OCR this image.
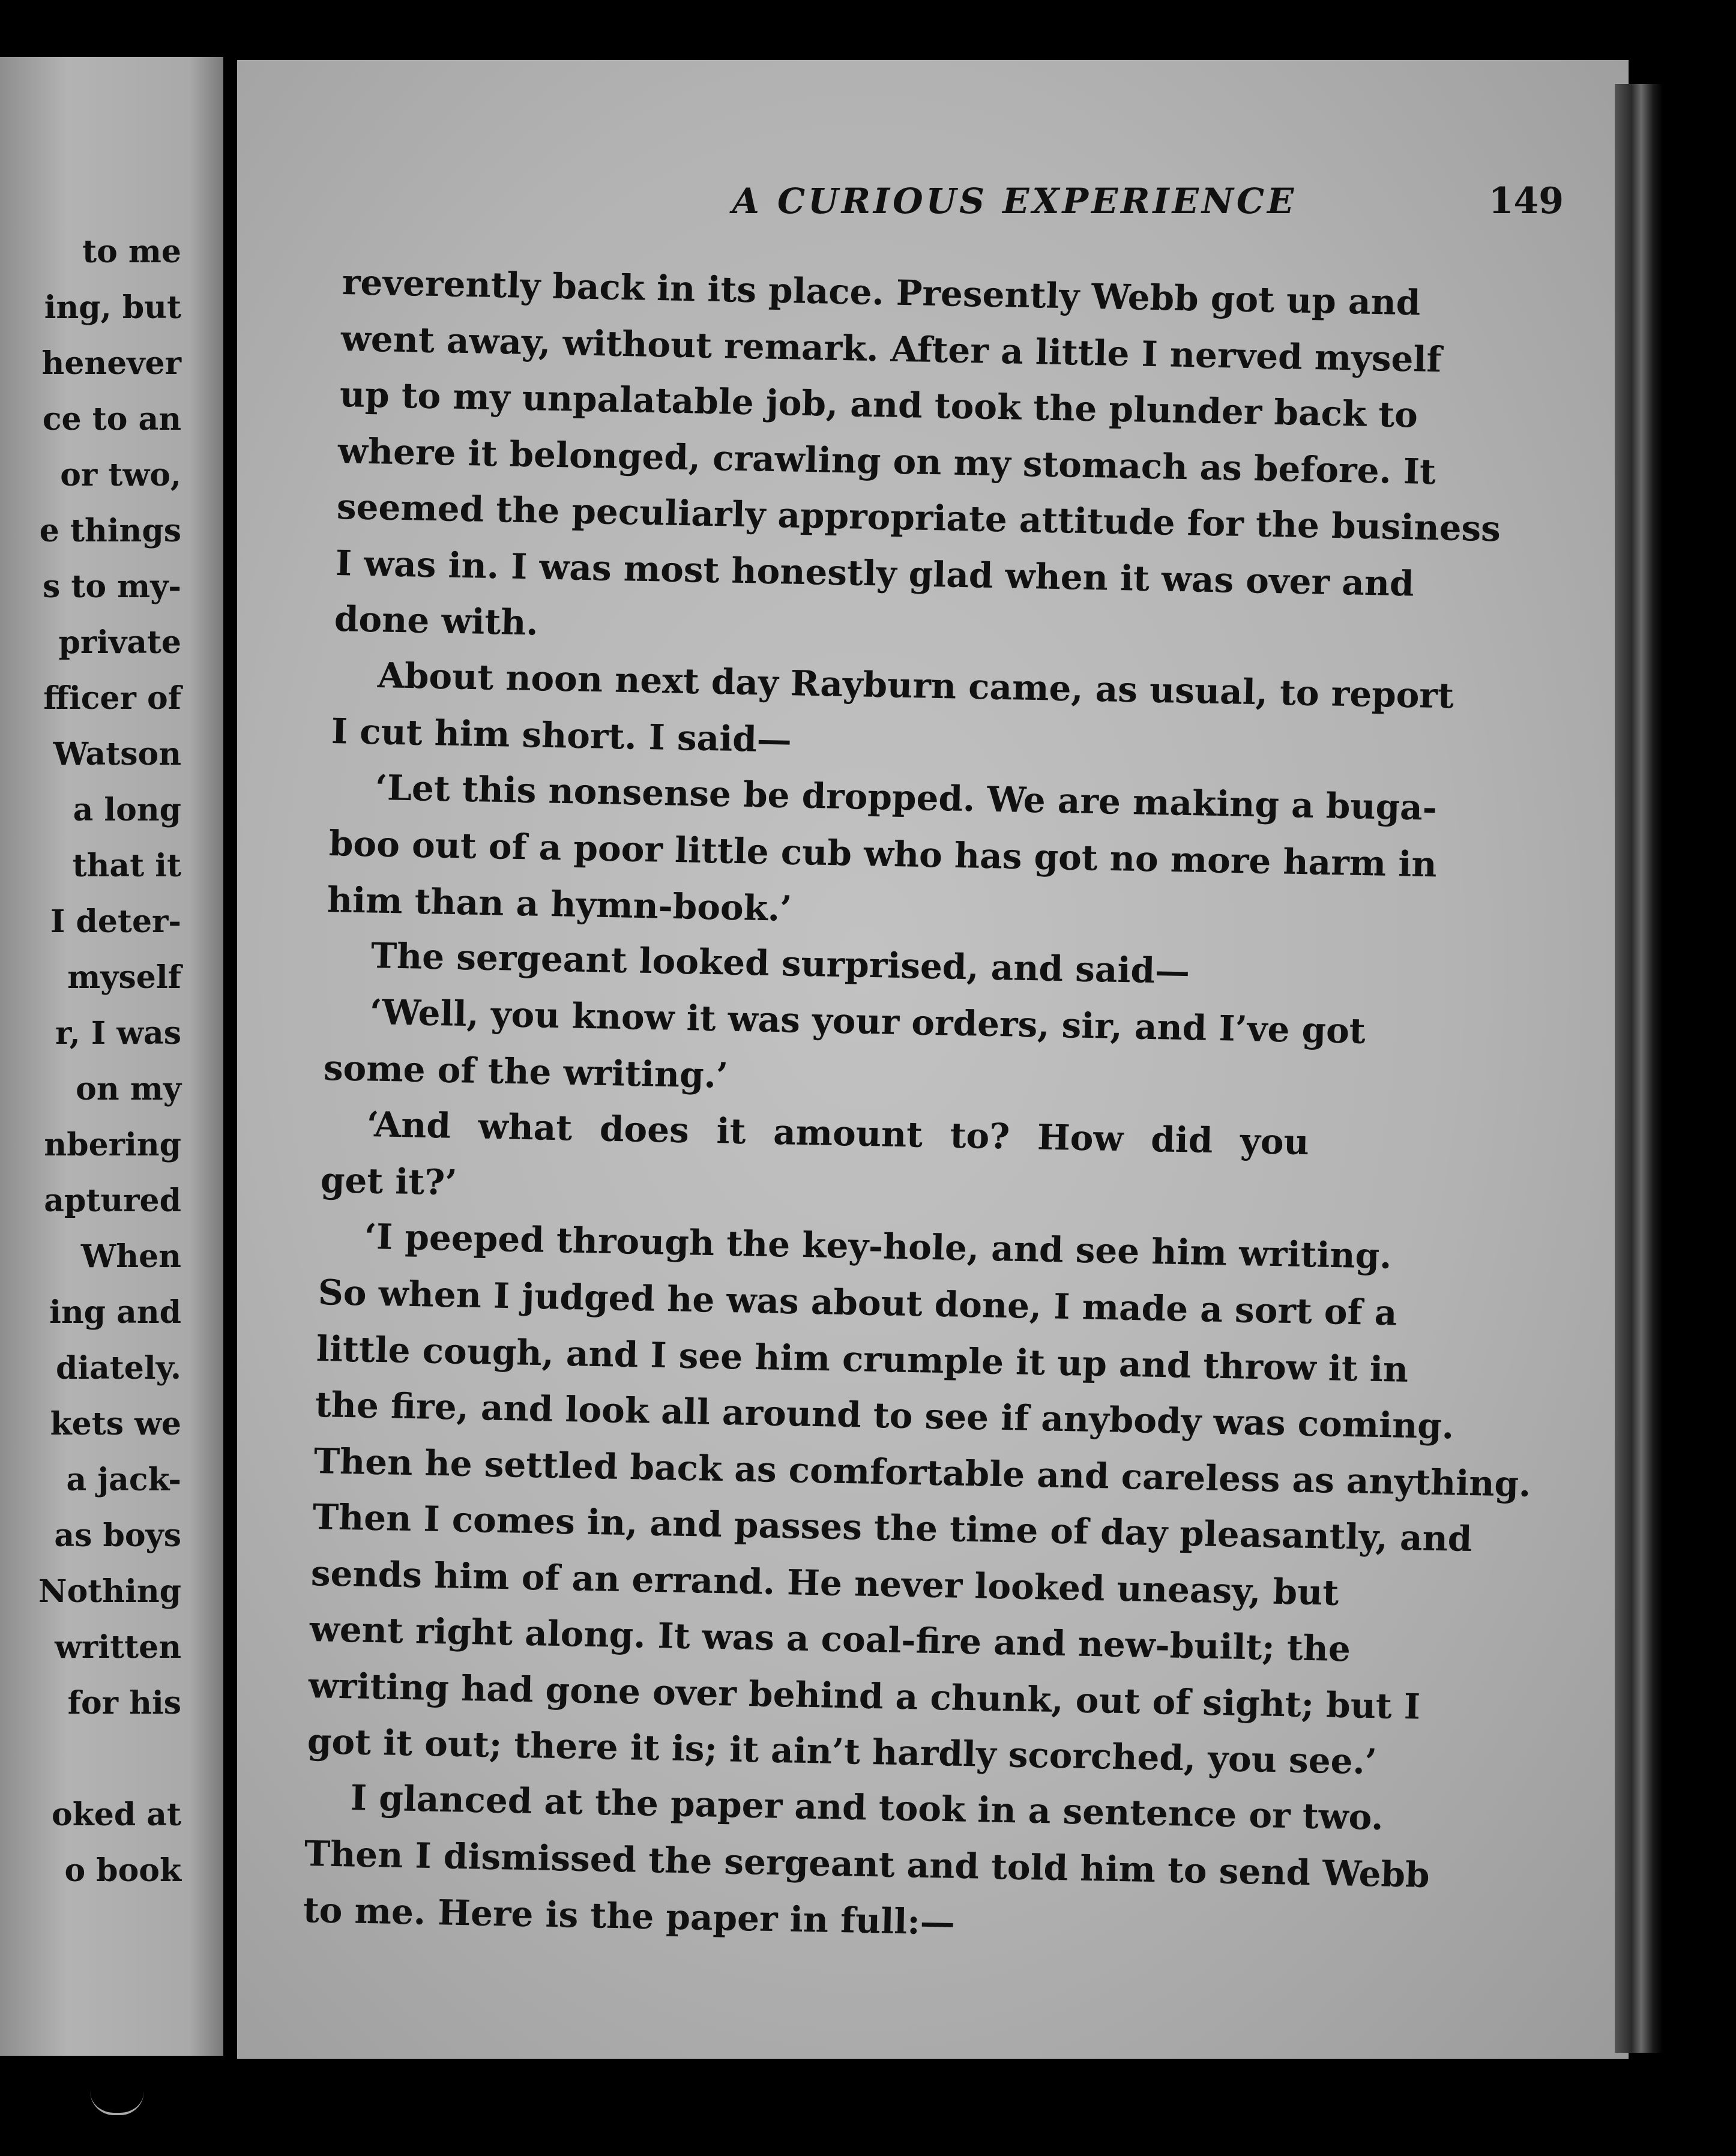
to me
ing, but
henever
ce to an
or two,
e things
s to my-
private
fficer of
Watson
a long
that it
I deter-
myself
r, I was
on my
nbering
aptured
When
ing and
diately.
kets we
a jack-
as boys
Nothing
written
for his
oked at
o book
A CURIOUS EXPERIENCE	149
reverently back in its place. Presently Webb got up and
went away, without remark. After a little I nerved myself
up to my unpalatable job, and took the plunder back to
where it belonged, crawling on my stomach as before. It
seemed the peculiarly appropriate attitude for the business
I was in. I was most honestly glad when it was over and
done with.
About noon next day Rayburn came, as usual, to report
I cut him short. I said—
‘Let this nonsense be dropped. We are making a buga-
boo out of a poor little cub who has got no more harm in
him than a hymn-book.’
The sergeant looked surprised, and said—
‘Well, you know it was your orders, sir, and I’ve got
some of the writing.’
‘And what does it amount to? How did you
get it?’
‘I peeped through the key-hole, and see him writing.
So when I judged he was about done, I made a sort of a
little cough, and I see him crumple it up and throw it in
the fire, and look all around to see if anybody was coming.
Then he settled back as comfortable and careless as anything.
Then I comes in, and passes the time of day pleasantly, and
sends him of an errand. He never looked uneasy, but
went right along. It was a coal-fire and new-built; the
writing had gone over behind a chunk, out of sight; but I
got it out; there it is; it ain’t hardly scorched, you see.’
I glanced at the paper and took in a sentence or two.
Then I dismissed the sergeant and told him to send Webb
to me. Here is the paper in full:—
